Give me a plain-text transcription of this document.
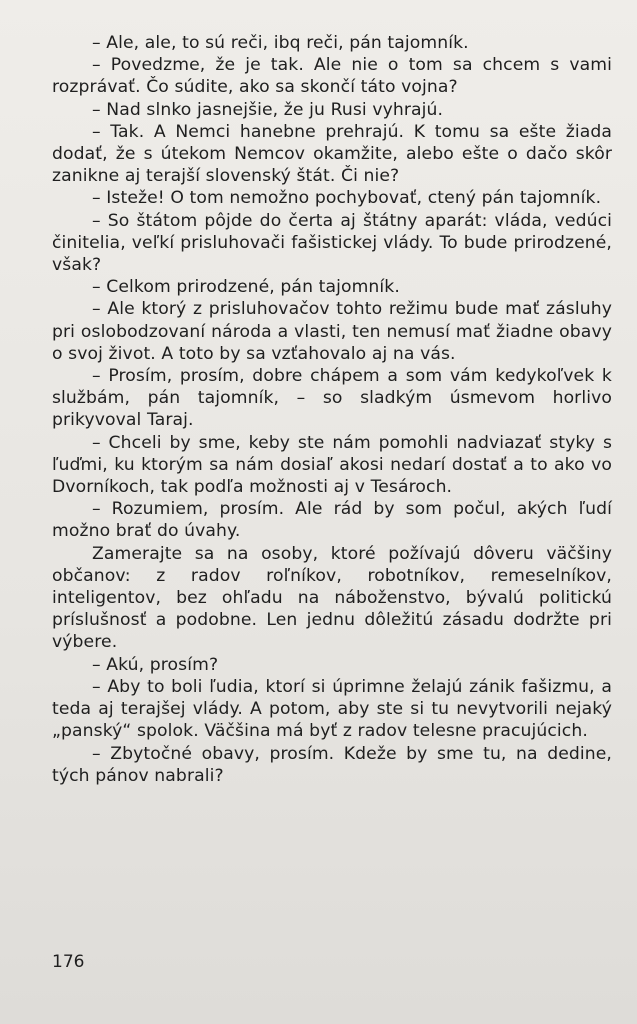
– Ale, ale, to sú reči, ibq reči, pán tajomník.

– Povedzme, že je tak. Ale nie o tom sa chcem s vami rozprávať. Čo súdite, ako sa skončí táto vojna?

– Nad slnko jasnejšie, že ju Rusi vyhrajú.

– Tak. A Nemci hanebne prehrajú. K tomu sa ešte žiada dodať, že s útekom Nemcov okamžite, alebo ešte o dačo skôr zanikne aj terajší slovenský štát. Či nie?

– Isteže! O tom nemožno pochybovať, ctený pán tajomník.

– So štátom pôjde do čerta aj štátny aparát: vláda, vedúci činitelia, veľkí prisluhovači fašistickej vlády. To bude prirodzené, však?

– Celkom prirodzené, pán tajomník.

– Ale ktorý z prisluhovačov tohto režimu bude mať zásluhy pri oslobodzovaní národa a vlasti, ten nemusí mať žiadne obavy o svoj život. A toto by sa vzťahovalo aj na vás.

– Prosím, prosím, dobre chápem a som vám kedykoľvek k službám, pán tajomník, – so sladkým úsmevom horlivo prikyvoval Taraj.

– Chceli by sme, keby ste nám pomohli nadviazať styky s ľuďmi, ku ktorým sa nám dosiaľ akosi nedarí dostať a to ako vo Dvorníkoch, tak podľa možnosti aj v Tesároch.

– Rozumiem, prosím. Ale rád by som počul, akých ľudí možno brať do úvahy.

Zamerajte sa na osoby, ktoré požívajú dôveru väčšiny občanov: z radov roľníkov, robotníkov, remeselníkov, inteligentov, bez ohľadu na náboženstvo, bývalú politickú príslušnosť a podobne. Len jednu dôležitú zásadu dodržte pri výbere.

– Akú, prosím?

– Aby to boli ľudia, ktorí si úprimne želajú zánik fašizmu, a teda aj terajšej vlády. A potom, aby ste si tu nevytvorili nejaký „panský“ spolok. Väčšina má byť z radov telesne pracujúcich.

– Zbytočné obavy, prosím. Kdeže by sme tu, na dedine, tých pánov nabrali?

176
